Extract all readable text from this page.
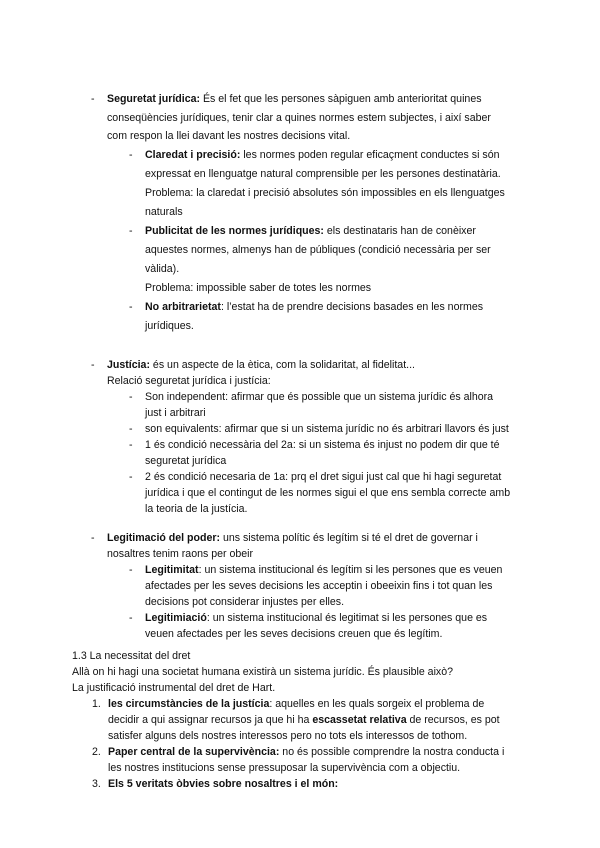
- Seguretat jurídica: És el fet que les persones sàpiguen amb anterioritat quines
conseqüències jurídiques, tenir clar a quines normes estem subjectes, i així saber
com respon la llei davant les nostres decisions vital.
- Claredat i precisió: les normes poden regular eficaçment conductes si són
expressat en llenguatge natural comprensible per les persones destinatària.
Problema: la claredat i precisió absolutes són impossibles en els llenguatges
naturals
- Publicitat de les normes jurídiques: els destinataris han de conèixer
aquestes normes, almenys han de públiques (condició necessària per ser
vàlida).
Problema: impossible saber de totes les normes
- No arbitrarietat: l’estat ha de prendre decisions basades en les normes
jurídiques.
- Justícia: és un aspecte de la ètica, com la solidaritat, al fidelitat...
Relació seguretat jurídica i justícia:
- Son independent: afirmar que és possible que un sistema jurídic és alhora
just i arbitrari
- son equivalents: afirmar que si un sistema jurídic no és arbitrari llavors és just
- 1 és condició necessària del 2a: si un sistema és injust no podem dir que té
seguretat jurídica
- 2 és condició necesaria de 1a: prq el dret sigui just cal que hi hagi seguretat
jurídica i que el contingut de les normes sigui el que ens sembla correcte amb
la teoria de la justícia.
- Legitimació del poder: uns sistema polític és legítim si té el dret de governar i
nosaltres tenim raons per obeir
- Legitimitat: un sistema institucional és legítim si les persones que es veuen
afectades per les seves decisions les acceptin i obeeixin fins i tot quan les
decisions pot considerar injustes per elles.
- Legitimiació: un sistema institucional és legitimat si les persones que es
veuen afectades per les seves decisions creuen que és legítim.
1.3 La necessitat del dret
Allà on hi hagi una societat humana existirà un sistema jurídic. És plausible això?
La justificació instrumental del dret de Hart.
1. les circumstàncies de la justícia: aquelles en les quals sorgeix el problema de
decidir a qui assignar recursos ja que hi ha escassetat relativa de recursos, es pot
satisfer alguns dels nostres interessos pero no tots els interessos de tothom.
2. Paper central de la supervivència: no és possible comprendre la nostra conducta i
les nostres institucions sense pressuposar la supervivència com a objectiu.
3. Els 5 veritats òbvies sobre nosaltres i el món:
